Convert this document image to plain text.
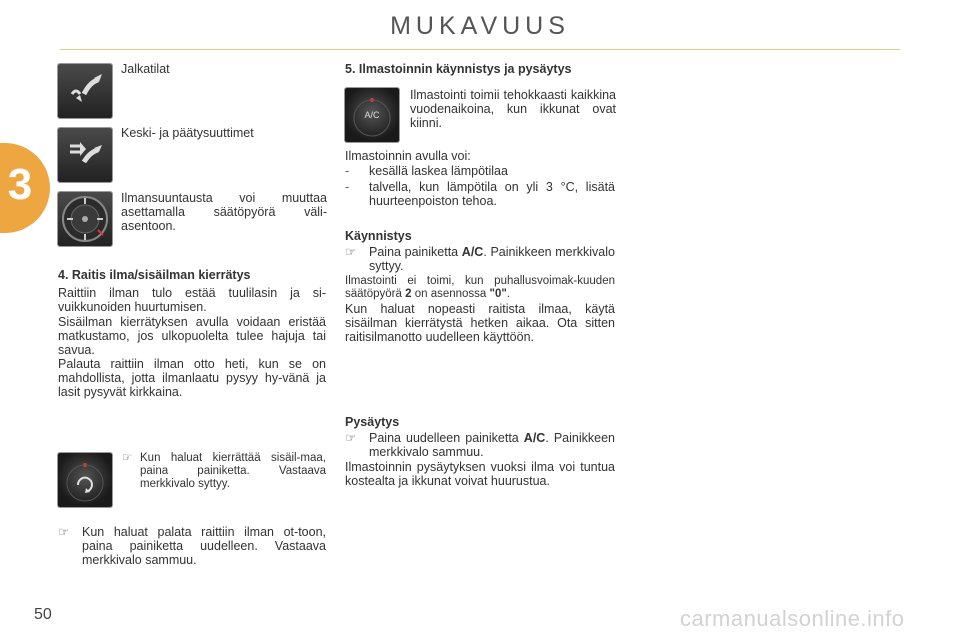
MUKAVUUS
3
Jalkatilat
Keski- ja päätysuuttimet
Ilmansuuntausta voi muuttaa asettamalla säätöpyörä väli-asentoon.
4. Raitis ilma/sisäilman kierrätys
Raittiin ilman tulo estää tuulilasin ja si-vuikkunoiden huurtumisen.
Sisäilman kierrätyksen avulla voidaan eristää matkustamo, jos ulkopuolelta tulee hajuja tai savua.
Palauta raittiin ilman otto heti, kun se on mahdollista, jotta ilmanlaatu pysyy hy-vänä ja lasit pysyvät kirkkaina.
☞ Kun haluat kierrättää sisäil-maa, paina painiketta. Vastaava merkkivalo syttyy.
☞	Kun haluat palata raittiin ilman ot-toon, paina painiketta uudelleen. Vastaava merkkivalo sammuu.
5. Ilmastoinnin käynnistys ja pysäytys
A/C
Ilmastointi toimii tehokkaasti kaikkina vuodenaikoina, kun ikkunat ovat kiinni.
Ilmastoinnin avulla voi:
-	kesällä laskea lämpötilaa
-	talvella, kun lämpötila on yli 3 °C, lisätä huurteenpoiston tehoa.
Käynnistys
☞	Paina painiketta A/C. Painikkeen merkkivalo syttyy.
Ilmastointi ei toimi, kun puhallusvoimak-kuuden säätöpyörä 2 on asennossa "0".
Kun haluat nopeasti raitista ilmaa, käytä sisäilman kierrätystä hetken aikaa. Ota sitten raitisilmanotto uudelleen käyttöön.
Pysäytys
☞	Paina uudelleen painiketta A/C. Painikkeen merkkivalo sammuu.
Ilmastoinnin pysäytyksen vuoksi ilma voi tuntua kostealta ja ikkunat voivat huurustua.
50	carmanualsonline.info
